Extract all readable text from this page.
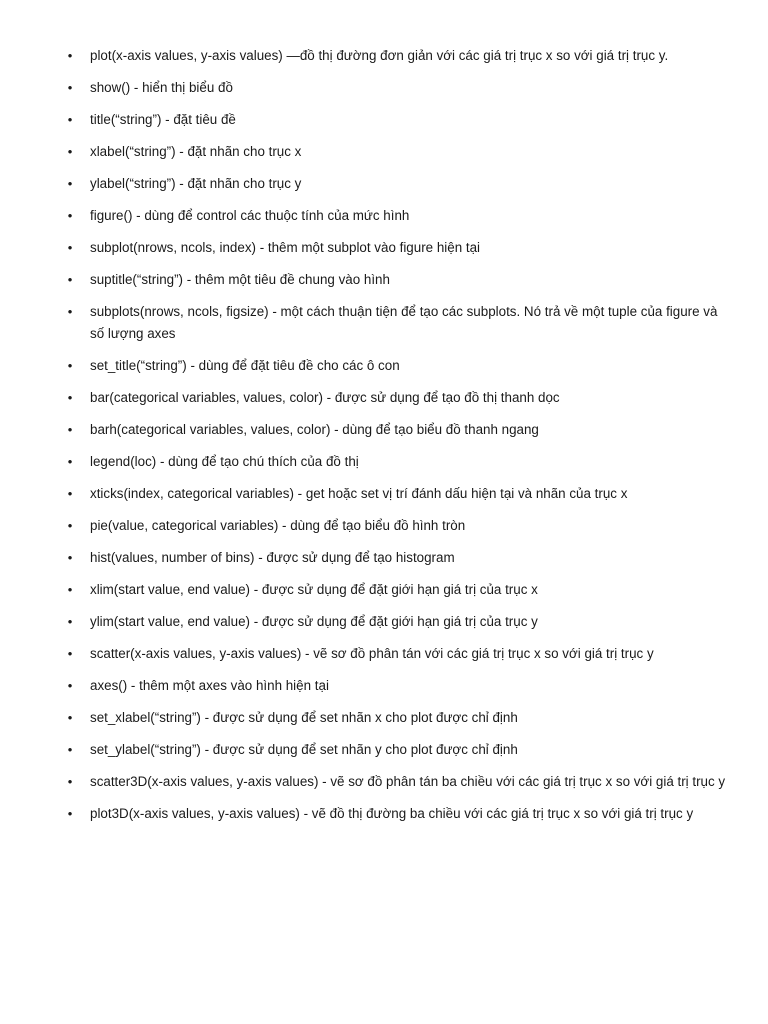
• plot(x-axis values, y-axis values) —đồ thị đường đơn giản với các giá trị trục x so với giá trị trục y.
• show() - hiển thị biểu đồ
• title(“string”) - đặt tiêu đề
• xlabel(“string”) - đặt nhãn cho trục x
• ylabel(“string”) - đặt nhãn cho trục y
• figure() - dùng để control các thuộc tính của mức hình
• subplot(nrows, ncols, index) - thêm một subplot vào figure hiện tại
• suptitle(“string”) - thêm một tiêu đề chung vào hình
• subplots(nrows, ncols, figsize) - một cách thuận tiện để tạo các subplots. Nó trả về một tuple của figure và số lượng axes
• set_title(“string”) - dùng để đặt tiêu đề cho các ô con
• bar(categorical variables, values, color) - được sử dụng để tạo đồ thị thanh dọc
• barh(categorical variables, values, color) - dùng để tạo biểu đồ thanh ngang
• legend(loc) - dùng để tạo chú thích của đồ thị
• xticks(index, categorical variables) - get hoặc set vị trí đánh dấu hiện tại và nhãn của trục x
• pie(value, categorical variables) - dùng để tạo biểu đồ hình tròn
• hist(values, number of bins) - được sử dụng để tạo histogram
• xlim(start value, end value) - được sử dụng để đặt giới hạn giá trị của trục x
• ylim(start value, end value) - được sử dụng để đặt giới hạn giá trị của trục y
• scatter(x-axis values, y-axis values) - vẽ sơ đồ phân tán với các giá trị trục x so với giá trị trục y
• axes() - thêm một axes vào hình hiện tại
• set_xlabel(“string”) - được sử dụng để set nhãn x cho plot được chỉ định
• set_ylabel(“string”) - được sử dụng để set nhãn y cho plot được chỉ định
• scatter3D(x-axis values, y-axis values) - vẽ sơ đồ phân tán ba chiều với các giá trị trục x so với giá trị trục y
• plot3D(x-axis values, y-axis values) - vẽ đồ thị đường ba chiều với các giá trị trục x so với giá trị trục y
